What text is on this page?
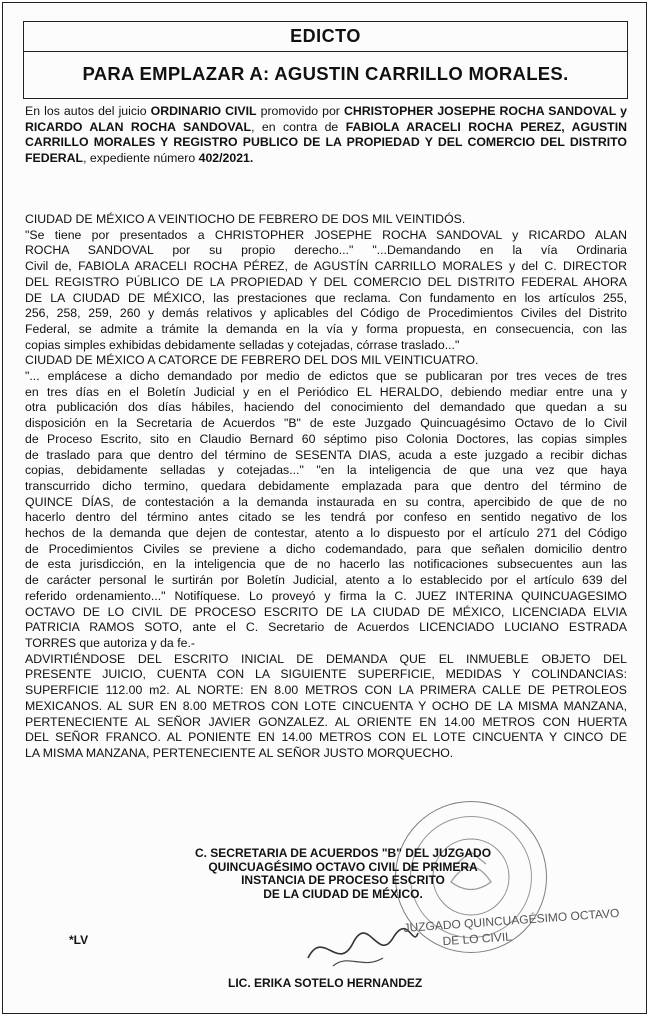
EDICTO
PARA EMPLAZAR A: AGUSTIN CARRILLO MORALES.
En los autos del juicio ORDINARIO CIVIL promovido por CHRISTOPHER JOSEPHE ROCHA SANDOVAL y RICARDO ALAN ROCHA SANDOVAL, en contra de FABIOLA ARACELI ROCHA PEREZ, AGUSTIN CARRILLO MORALES Y REGISTRO PUBLICO DE LA PROPIEDAD Y DEL COMERCIO DEL DISTRITO FEDERAL, expediente número 402/2021.
CIUDAD DE MÉXICO A VEINTIOCHO DE FEBRERO DE DOS MIL VEINTIDÓS.
"Se tiene por presentados a CHRISTOPHER JOSEPHE ROCHA SANDOVAL y RICARDO ALAN
ROCHA SANDOVAL por su propio derecho..." "...Demandando en la vía Ordinaria
Civil de, FABIOLA ARACELI ROCHA PÉREZ, de AGUSTÍN CARRILLO MORALES y del C. DIRECTOR
DEL REGISTRO PÚBLICO DE LA PROPIEDAD Y DEL COMERCIO DEL DISTRITO FEDERAL AHORA
DE LA CIUDAD DE MÉXICO, las prestaciones que reclama. Con fundamento en los artículos 255,
256, 258, 259, 260 y demás relativos y aplicables del Código de Procedimientos Civiles del Distrito
Federal, se admite a trámite la demanda en la vía y forma propuesta, en consecuencia, con las
copias simples exhibidas debidamente selladas y cotejadas, córrase traslado..."
CIUDAD DE MÉXICO A CATORCE DE FEBRERO DEL DOS MIL VEINTICUATRO.
"... emplácese a dicho demandado por medio de edictos que se publicaran por tres veces de tres
en tres días en el Boletín Judicial y en el Periódico EL HERALDO, debiendo mediar entre una y
otra publicación dos días hábiles, haciendo del conocimiento del demandado que quedan a su
disposición en la Secretaria de Acuerdos "B" de este Juzgado Quincuagésimo Octavo de lo Civil
de Proceso Escrito, sito en Claudio Bernard 60 séptimo piso Colonia Doctores, las copias simples
de traslado para que dentro del término de SESENTA DIAS, acuda a este juzgado a recibir dichas
copias, debidamente selladas y cotejadas..." "en la inteligencia de que una vez que haya
transcurrido dicho termino, quedara debidamente emplazada para que dentro del término de
QUINCE DÍAS, de contestación a la demanda instaurada en su contra, apercibido de que de no
hacerlo dentro del término antes citado se les tendrá por confeso en sentido negativo de los
hechos de la demanda que dejen de contestar, atento a lo dispuesto por el artículo 271 del Código
de Procedimientos Civiles se previene a dicho codemandado, para que señalen domicilio dentro
de esta jurisdicción, en la inteligencia que de no hacerlo las notificaciones subsecuentes aun las
de carácter personal le surtirán por Boletín Judicial, atento a lo establecido por el artículo 639 del
referido ordenamiento..." Notifíquese. Lo proveyó y firma la C. JUEZ INTERINA QUINCUAGESIMO
OCTAVO DE LO CIVIL DE PROCESO ESCRITO DE LA CIUDAD DE MÉXICO, LICENCIADA ELVIA
PATRICIA RAMOS SOTO, ante el C. Secretario de Acuerdos LICENCIADO LUCIANO ESTRADA
TORRES que autoriza y da fe.-
ADVIRTIÉNDOSE DEL ESCRITO INICIAL DE DEMANDA QUE EL INMUEBLE OBJETO DEL
PRESENTE JUICIO, CUENTA CON LA SIGUIENTE SUPERFICIE, MEDIDAS Y COLINDANCIAS:
SUPERFICIE 112.00 m2. AL NORTE: EN 8.00 METROS CON LA PRIMERA CALLE DE PETROLEOS
MEXICANOS. AL SUR EN 8.00 METROS CON LOTE CINCUENTA Y OCHO DE LA MISMA MANZANA,
PERTENECIENTE AL SEÑOR JAVIER GONZALEZ. AL ORIENTE EN 14.00 METROS CON HUERTA
DEL SEÑOR FRANCO. AL PONIENTE EN 14.00 METROS CON EL LOTE CINCUENTA Y CINCO DE
LA MISMA MANZANA, PERTENECIENTE AL SEÑOR JUSTO MORQUECHO.
C. SECRETARIA DE ACUERDOS "B" DEL JUZGADO
QUINCUAGÉSIMO OCTAVO CIVIL DE PRIMERA
INSTANCIA DE PROCESO ESCRITO
DE LA CIUDAD DE MÉXICO.
JUZGADO QUINCUAGÉSIMO OCTAVO
DE LO CIVIL
*LV
LIC. ERIKA SOTELO HERNANDEZ
